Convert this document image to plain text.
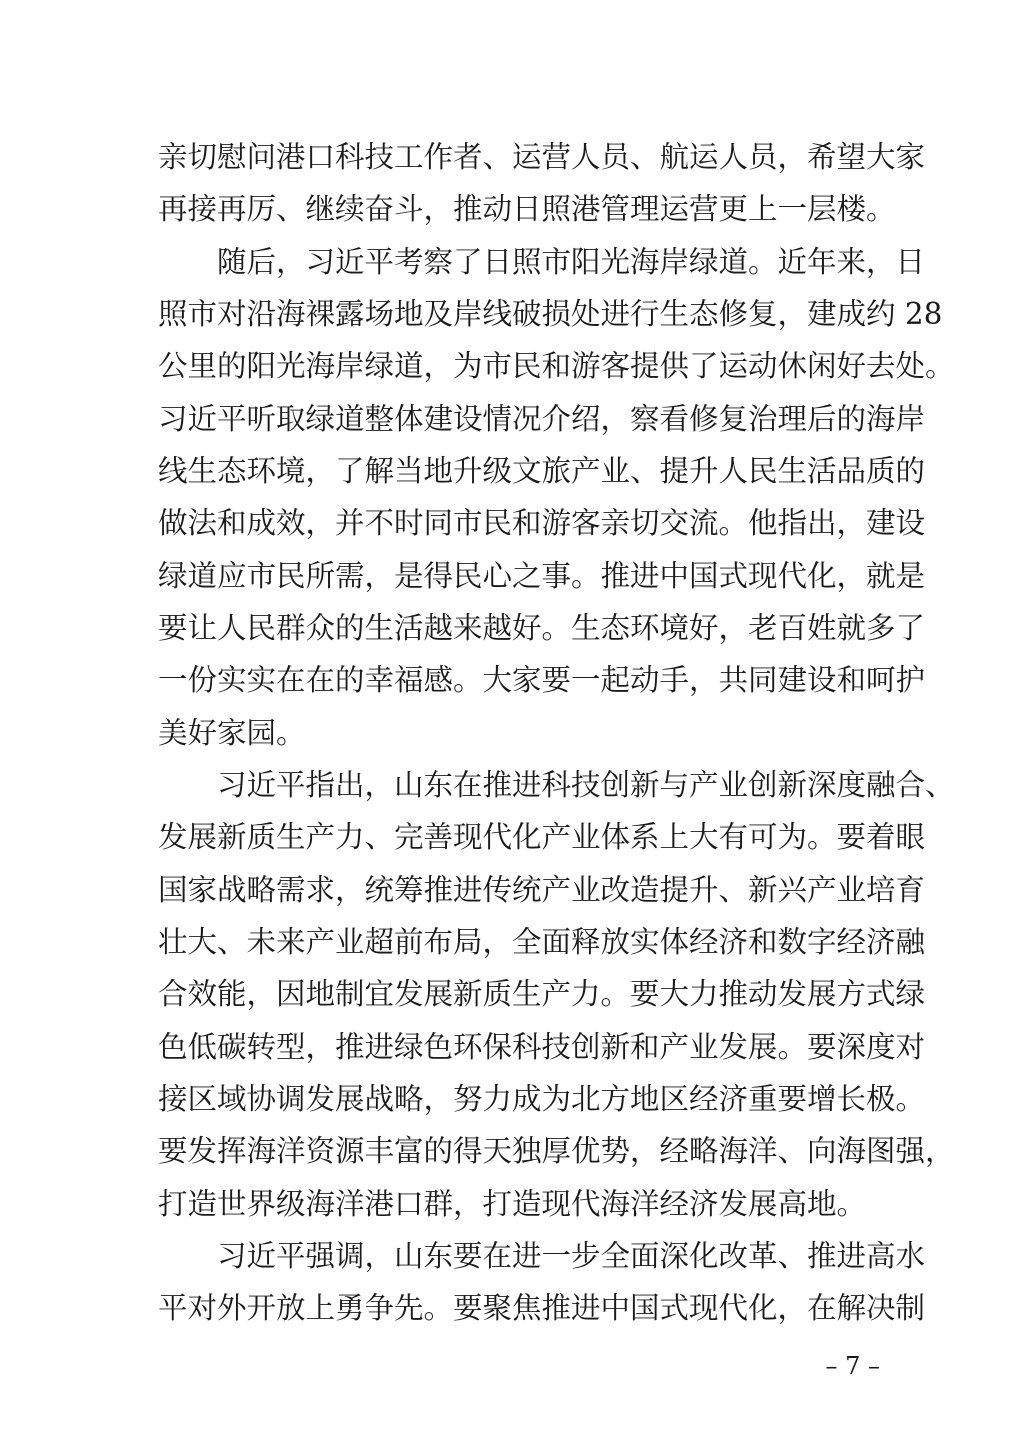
亲切慰问港口科技工作者、运营人员、航运人员，希望大家
再接再厉、继续奋斗，推动日照港管理运营更上一层楼。
随后，习近平考察了日照市阳光海岸绿道。近年来，日
照市对沿海裸露场地及岸线破损处进行生态修复，建成约 28
公里的阳光海岸绿道，为市民和游客提供了运动休闲好去处。
习近平听取绿道整体建设情况介绍，察看修复治理后的海岸
线生态环境，了解当地升级文旅产业、提升人民生活品质的
做法和成效，并不时同市民和游客亲切交流。他指出，建设
绿道应市民所需，是得民心之事。推进中国式现代化，就是
要让人民群众的生活越来越好。生态环境好，老百姓就多了
一份实实在在的幸福感。大家要一起动手，共同建设和呵护
美好家园。
习近平指出，山东在推进科技创新与产业创新深度融合、
发展新质生产力、完善现代化产业体系上大有可为。要着眼
国家战略需求，统筹推进传统产业改造提升、新兴产业培育
壮大、未来产业超前布局，全面释放实体经济和数字经济融
合效能，因地制宜发展新质生产力。要大力推动发展方式绿
色低碳转型，推进绿色环保科技创新和产业发展。要深度对
接区域协调发展战略，努力成为北方地区经济重要增长极。
要发挥海洋资源丰富的得天独厚优势，经略海洋、向海图强，
打造世界级海洋港口群，打造现代海洋经济发展高地。
习近平强调，山东要在进一步全面深化改革、推进高水
平对外开放上勇争先。要聚焦推进中国式现代化，在解决制
– 7 –
